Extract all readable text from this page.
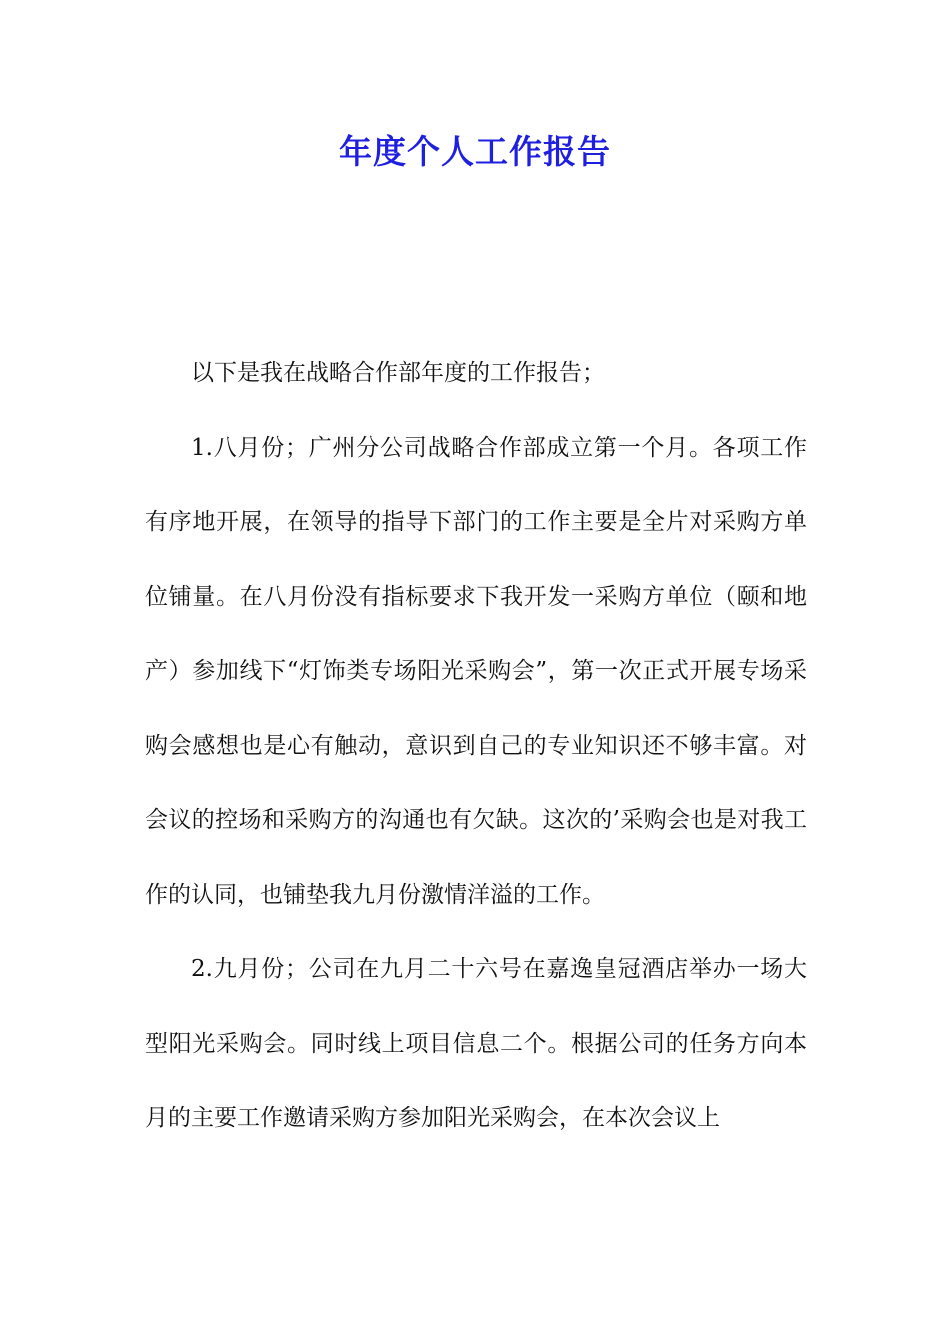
年度个人工作报告

以下是我在战略合作部年度的工作报告；

1.八月份；广州分公司战略合作部成立第一个月。各项工作有序地开展，在领导的指导下部门的工作主要是全片对采购方单位铺量。在八月份没有指标要求下我开发一采购方单位（颐和地产）参加线下“灯饰类专场阳光采购会”，第一次正式开展专场采购会感想也是心有触动，意识到自己的专业知识还不够丰富。对会议的控场和采购方的沟通也有欠缺。这次的’采购会也是对我工作的认同，也铺垫我九月份激情洋溢的工作。

2.九月份；公司在九月二十六号在嘉逸皇冠酒店举办一场大型阳光采购会。同时线上项目信息二个。根据公司的任务方向本月的主要工作邀请采购方参加阳光采购会，在本次会议上
